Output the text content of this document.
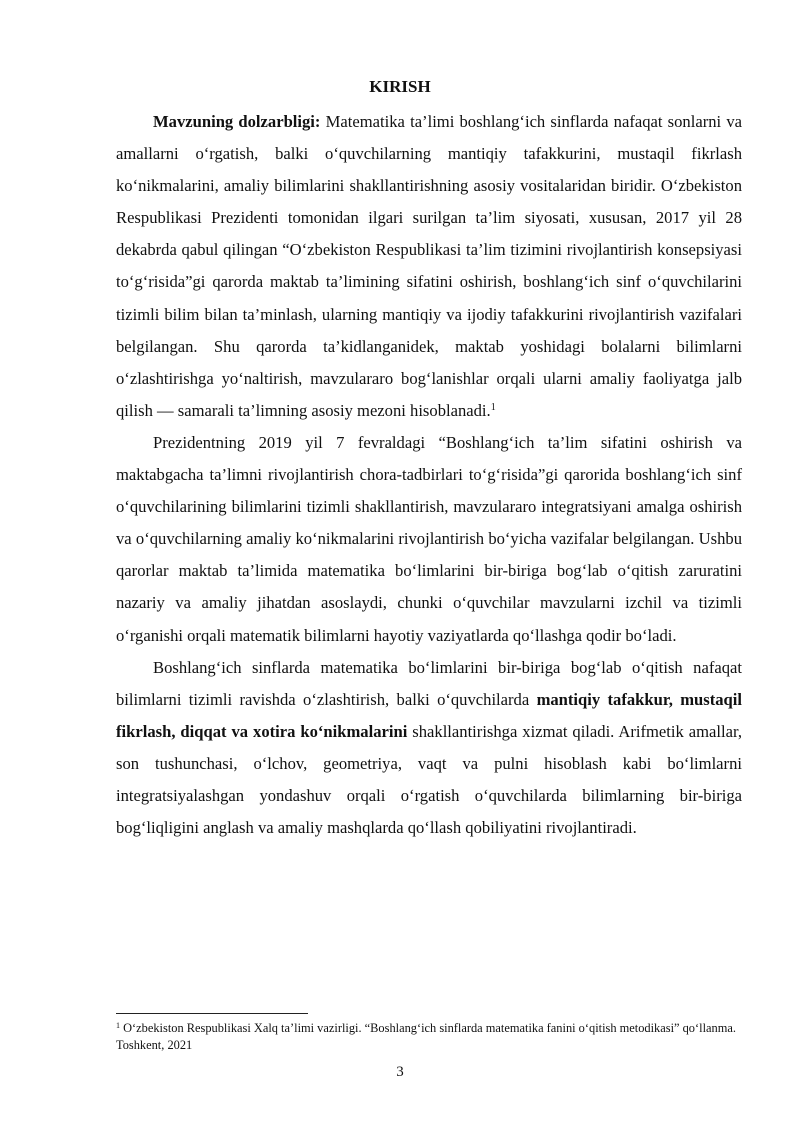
KIRISH

Mavzuning dolzarbligi: Matematika ta’limi boshlang‘ich sinflarda nafaqat sonlarni va amallarni o‘rgatish, balki o‘quvchilarning mantiqiy tafakkurini, mustaqil fikrlash ko‘nikmalarini, amaliy bilimlarini shakllantirishning asosiy vositalaridan biridir. O‘zbekiston Respublikasi Prezidenti tomonidan ilgari surilgan ta’lim siyosati, xususan, 2017 yil 28 dekabrda qabul qilingan “O‘zbekiston Respublikasi ta’lim tizimini rivojlantirish konsepsiyasi to‘g‘risida”gi qarorda maktab ta’limining sifatini oshirish, boshlang‘ich sinf o‘quvchilarini tizimli bilim bilan ta’minlash, ularning mantiqiy va ijodiy tafakkurini rivojlantirish vazifalari belgilangan. Shu qarorda ta’kidlanganidek, maktab yoshidagi bolalarni bilimlarni o‘zlashtirishga yo‘naltirish, mavzulararo bog‘lanishlar orqali ularni amaliy faoliyatga jalb qilish — samarali ta’limning asosiy mezoni hisoblanadi.$^1$

Prezidentning 2019 yil 7 fevraldagi “Boshlang‘ich ta’lim sifatini oshirish va maktabgacha ta’limni rivojlantirish chora-tadbirlari to‘g‘risida”gi qarorida boshlang‘ich sinf o‘quvchilarining bilimlarini tizimli shakllantirish, mavzulararo integratsiyani amalga oshirish va o‘quvchilarning amaliy ko‘nikmalarini rivojlantirish bo‘yicha vazifalar belgilangan. Ushbu qarorlar maktab ta’limida matematika bo‘limlarini bir-biriga bog‘lab o‘qitish zaruratini nazariy va amaliy jihatdan asoslaydi, chunki o‘quvchilar mavzularni izchil va tizimli o‘rganishi orqali matematik bilimlarni hayotiy vaziyatlarda qo‘llashga qodir bo‘ladi.

Boshlang‘ich sinflarda matematika bo‘limlarini bir-biriga bog‘lab o‘qitish nafaqat bilimlarni tizimli ravishda o‘zlashtirish, balki o‘quvchilarda mantiqiy tafakkur, mustaqil fikrlash, diqqat va xotira ko‘nikmalarini shakllantirishga xizmat qiladi. Arifmetik amallar, son tushunchasi, o‘lchov, geometriya, vaqt va pulni hisoblash kabi bo‘limlarni integratsiyalashgan yondashuv orqali o‘rgatish o‘quvchilarda bilimlarning bir-biriga bog‘liqligini anglash va amaliy mashqlarda qo‘llash qobiliyatini rivojlantiradi.

$^1$ O‘zbekiston Respublikasi Xalq ta’limi vazirligi. “Boshlang‘ich sinflarda matematika fanini o‘qitish metodikasi” qo‘llanma. Toshkent, 2021
3
